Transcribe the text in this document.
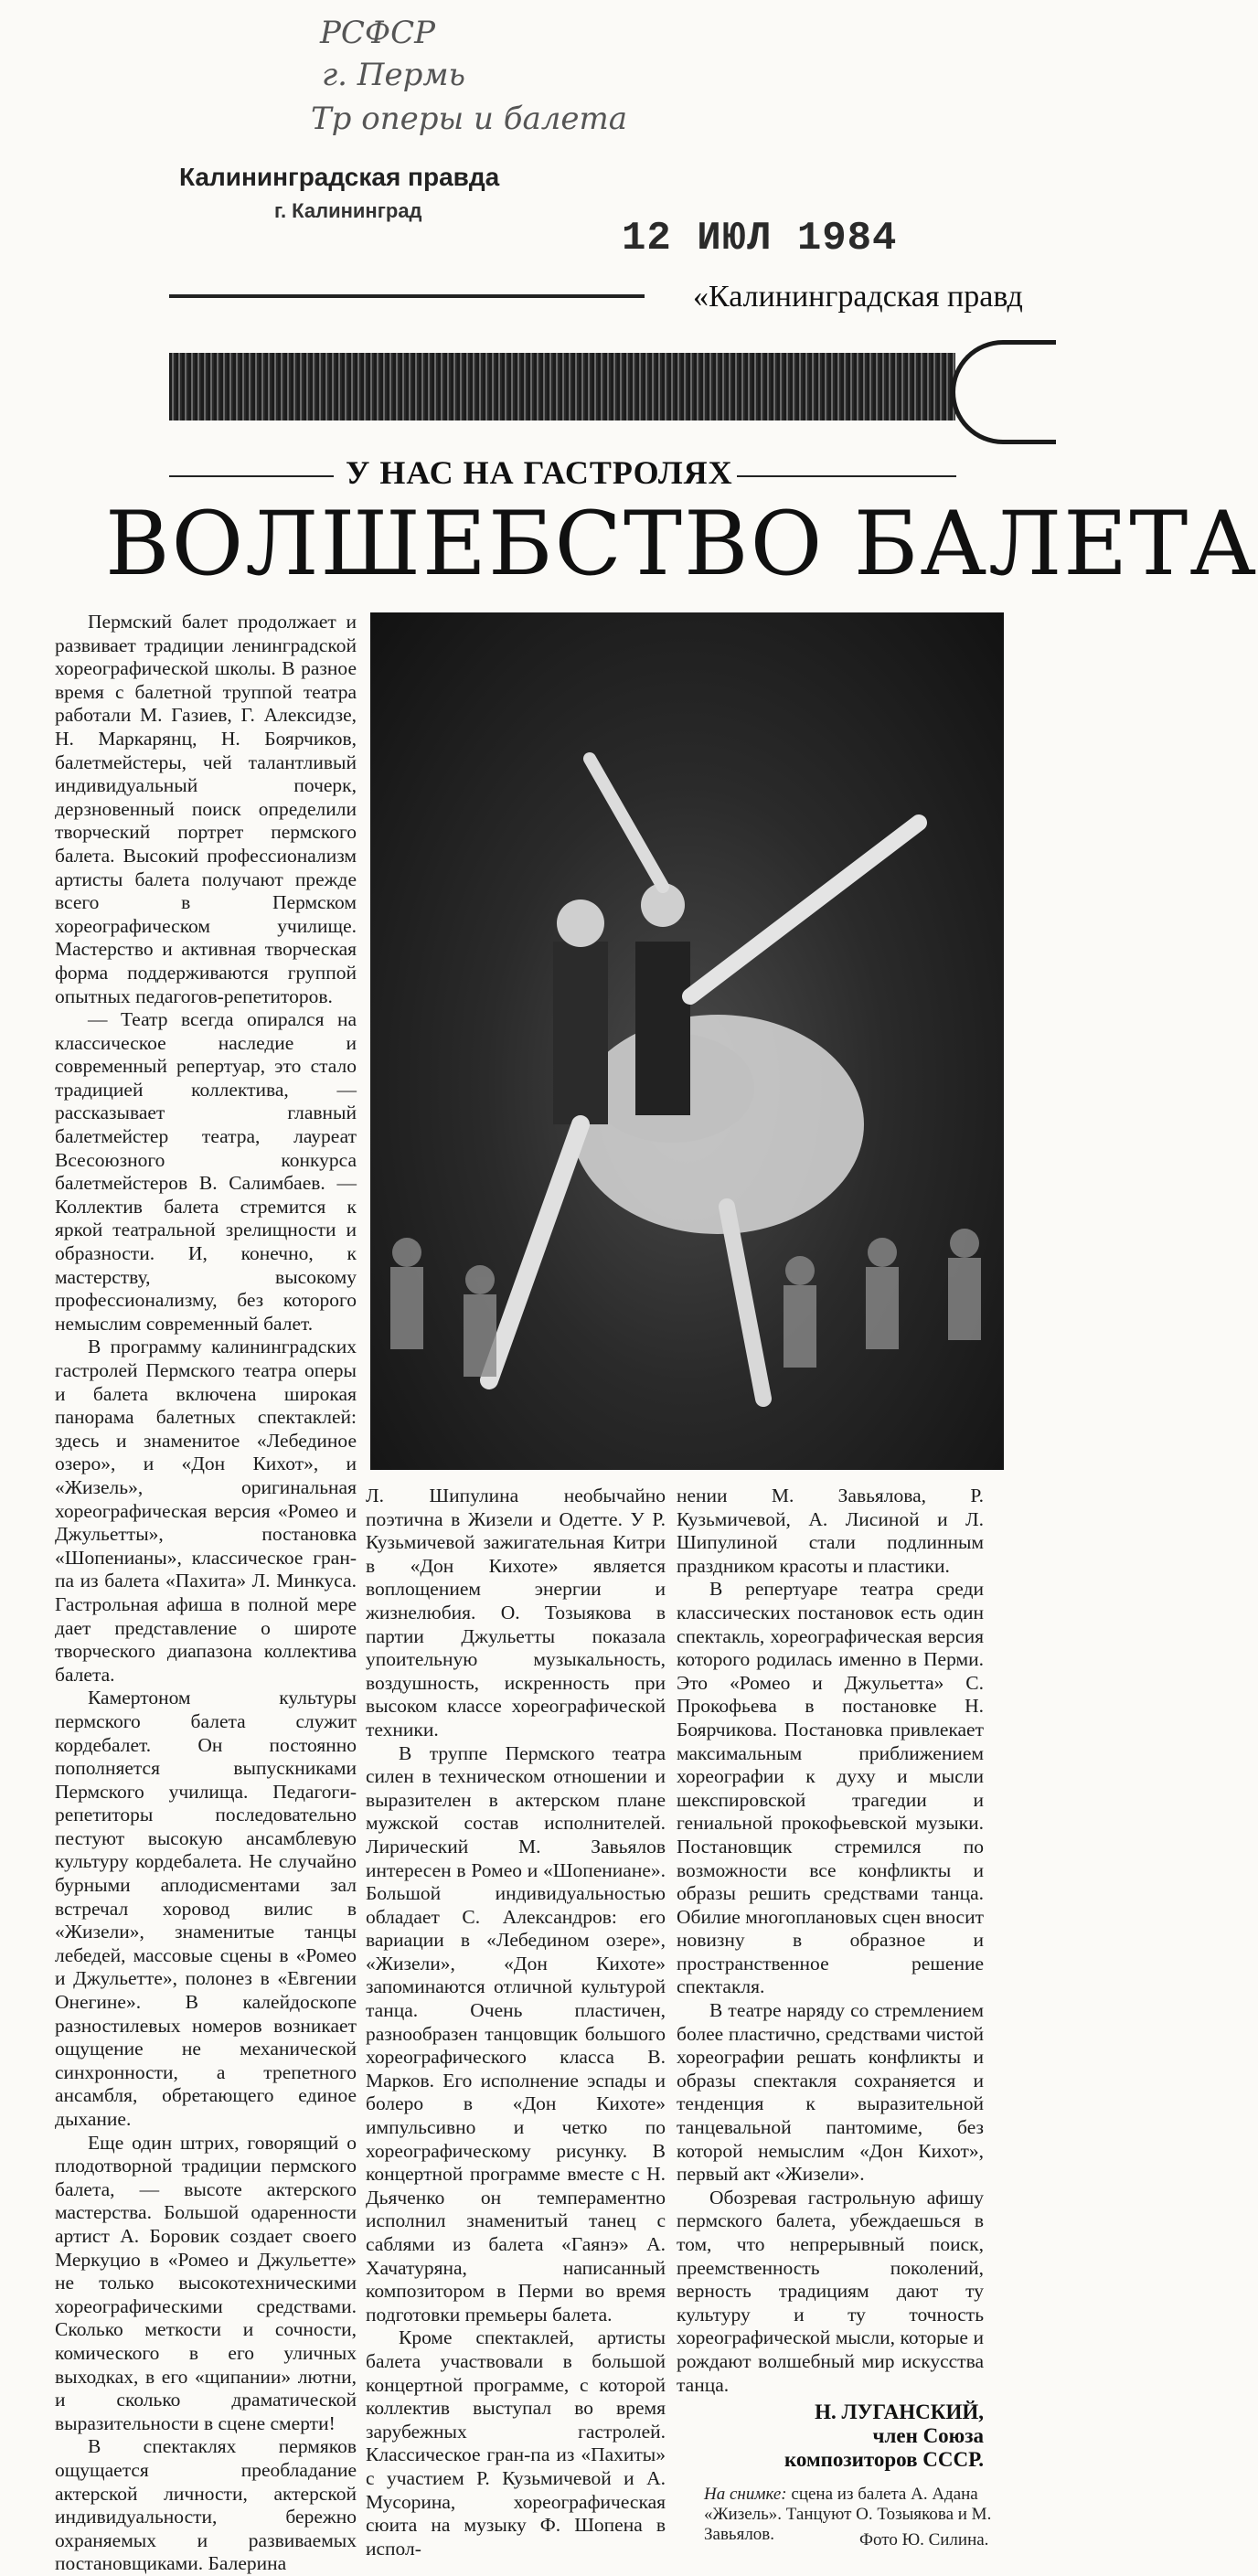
РСФСР
г. Пермь
Тр оперы и балета
Калининградская правда
г. Калининград
12 ИЮЛ 1984
«Калининградская правд
У НАС НА ГАСТРОЛЯХ
ВОЛШЕБСТВО БАЛЕТА

Пермский балет продолжает и развивает традиции ленинградской хореографической школы. В разное время с балетной труппой театра работали М. Газиев, Г. Алексидзе, Н. Маркарянц, Н. Боярчиков, балетмейстеры, чей талантливый индивидуальный почерк, дерзновенный поиск определили творческий портрет пермского балета. Высокий профессионализм артисты балета получают прежде всего в Пермском хореографическом училище. Мастерство и активная творческая форма поддерживаются группой опытных педагогов-репетиторов.

— Театр всегда опирался на классическое наследие и современный репертуар, это стало традицией коллектива, — рассказывает главный балетмейстер театра, лауреат Всесоюзного конкурса балетмейстеров В. Салимбаев. — Коллектив балета стремится к яркой театральной зрелищности и образности. И, конечно, к мастерству, высокому профессионализму, без которого немыслим современный балет.

В программу калининградских гастролей Пермского театра оперы и балета включена широкая панорама балетных спектаклей: здесь и знаменитое «Лебединое озеро», и «Дон Кихот», и «Жизель», оригинальная хореографическая версия «Ромео и Джульетты», постановка «Шопенианы», классическое гран-па из балета «Пахита» Л. Минкуса. Гастрольная афиша в полной мере дает представление о широте творческого диапазона коллектива балета.

Камертоном культуры пермского балета служит кордебалет. Он постоянно пополняется выпускниками Пермского училища. Педагоги-репетиторы последовательно пестуют высокую ансамблевую культуру кордебалета. Не случайно бурными аплодисментами зал встречал хоровод вилис в «Жизели», знаменитые танцы лебедей, массовые сцены в «Ромео и Джульетте», полонез в «Евгении Онегине». В калейдоскопе разностилевых номеров возникает ощущение не механической синхронности, а трепетного ансамбля, обретающего единое дыхание.

Еще один штрих, говорящий о плодотворной традиции пермского балета, — высоте актерского мастерства. Большой одаренности артист А. Боровик создает своего Меркуцио в «Ромео и Джульетте» не только высокотехническими хореографическими средствами. Сколько меткости и сочности, комического в его уличных выходках, в его «щипании» лютни, и сколько драматической выразительности в сцене смерти!

В спектаклях пермяков ощущается преобладание актерской личности, актерской индивидуальности, бережно охраняемых и развиваемых постановщиками. Балерина

Л. Шипулина необычайно поэтична в Жизели и Одетте. У Р. Кузьмичевой зажигательная Китри в «Дон Кихоте» является воплощением энергии и жизнелюбия. О. Тозыякова в партии Джульетты показала упоительную музыкальность, воздушность, искренность при высоком классе хореографической техники.

В труппе Пермского театра силен в техническом отношении и выразителен в актерском плане мужской состав исполнителей. Лирический М. Завьялов интересен в Ромео и «Шопениане». Большой индивидуальностью обладает С. Александров: его вариации в «Лебедином озере», «Жизели», «Дон Кихоте» запоминаются отличной культурой танца. Очень пластичен, разнообразен танцовщик большого хореографического класса В. Марков. Его исполнение эспады и болеро в «Дон Кихоте» импульсивно и четко по хореографическому рисунку. В концертной программе вместе с Н. Дьяченко он темпераментно исполнил знаменитый танец с саблями из балета «Гаянэ» А. Хачатуряна, написанный композитором в Перми во время подготовки премьеры балета.

Кроме спектаклей, артисты балета участвовали в большой концертной программе, с которой коллектив выступал во время зарубежных гастролей. Классическое гран-па из «Пахиты» с участием Р. Кузьмичевой и А. Мусорина, хореографическая сюита на музыку Ф. Шопена в испол-

нении М. Завьялова, Р. Кузьмичевой, А. Лисиной и Л. Шипулиной стали подлинным праздником красоты и пластики.

В репертуаре театра среди классических постановок есть один спектакль, хореографическая версия которого родилась именно в Перми. Это «Ромео и Джульетта» С. Прокофьева в постановке Н. Боярчикова. Постановка привлекает максимальным приближением хореографии к духу и мысли шекспировской трагедии и гениальной прокофьевской музыки. Постановщик стремился по возможности все конфликты и образы решить средствами танца. Обилие многоплановых сцен вносит новизну в образное и пространственное решение спектакля.

В театре наряду со стремлением более пластично, средствами чистой хореографии решать конфликты и образы спектакля сохраняется и тенденция к выразительной танцевальной пантомиме, без которой немыслим «Дон Кихот», первый акт «Жизели».

Обозревая гастрольную афишу пермского балета, убеждаешься в том, что непрерывный поиск, преемственность поколений, верность традициям дают ту культуру и ту точность хореографической мысли, которые и рождают волшебный мир искусства танца.

Н. ЛУГАНСКИЙ,
член Союза
композиторов СССР.
На снимке: сцена из балета А. Адана «Жизель». Танцуют О. Тозыякова и М. Завьялов.	Фото Ю. Силина.
